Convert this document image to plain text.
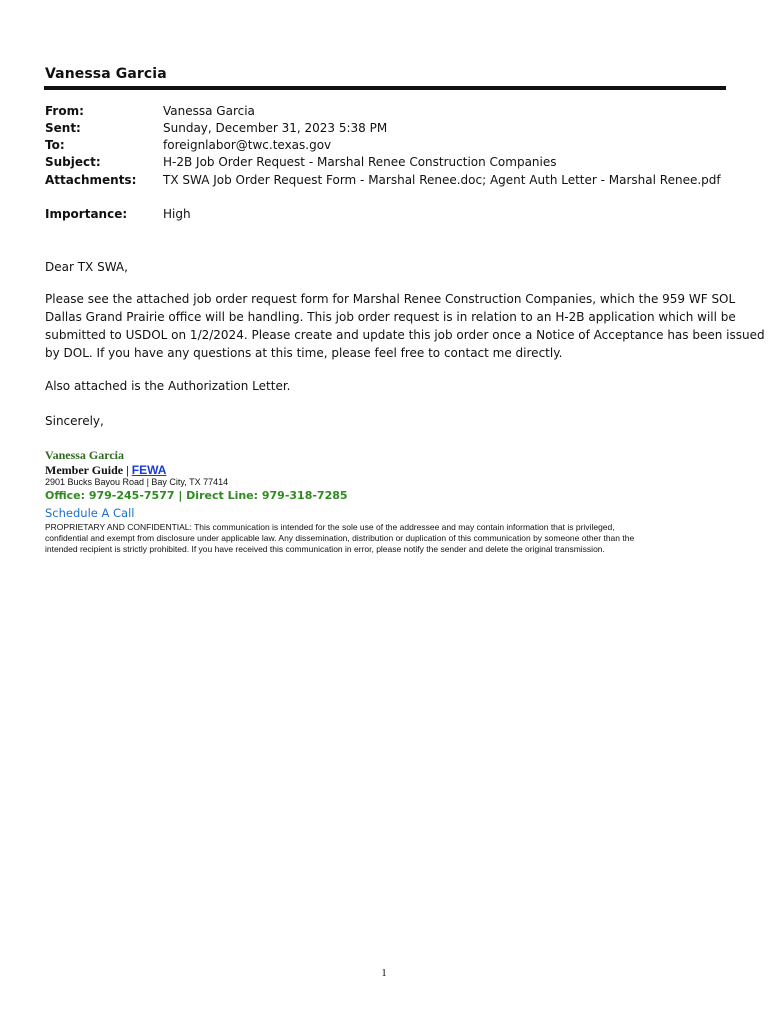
Vanessa Garcia
From:	Vanessa Garcia
Sent:	Sunday, December 31, 2023 5:38 PM
To:	foreignlabor@twc.texas.gov
Subject:	H-2B Job Order Request - Marshal Renee Construction Companies
Attachments: TX SWA Job Order Request Form - Marshal Renee.doc; Agent Auth Letter - Marshal Renee.pdf
Importance:	High
Dear TX SWA,
Please see the attached job order request form for Marshal Renee Construction Companies, which the 959 WF SOL
Dallas Grand Prairie office will be handling. This job order request is in relation to an H-2B application which will be
submitted to USDOL on 1/2/2024. Please create and update this job order once a Notice of Acceptance has been issued
by DOL. If you have any questions at this time, please feel free to contact me directly.
Also attached is the Authorization Letter.
Sincerely,
Vanessa Garcia
Member Guide | FEWA
2901 Bucks Bayou Road | Bay City, TX 77414
Office: 979-245-7577 | Direct Line: 979-318-7285
Schedule A Call
PROPRIETARY AND CONFIDENTIAL: This communication is intended for the sole use of the addressee and may contain information that is privileged,
confidential and exempt from disclosure under applicable law. Any dissemination, distribution or duplication of this communication by someone other than the
intended recipient is strictly prohibited. If you have received this communication in error, please notify the sender and delete the original transmission.
1
